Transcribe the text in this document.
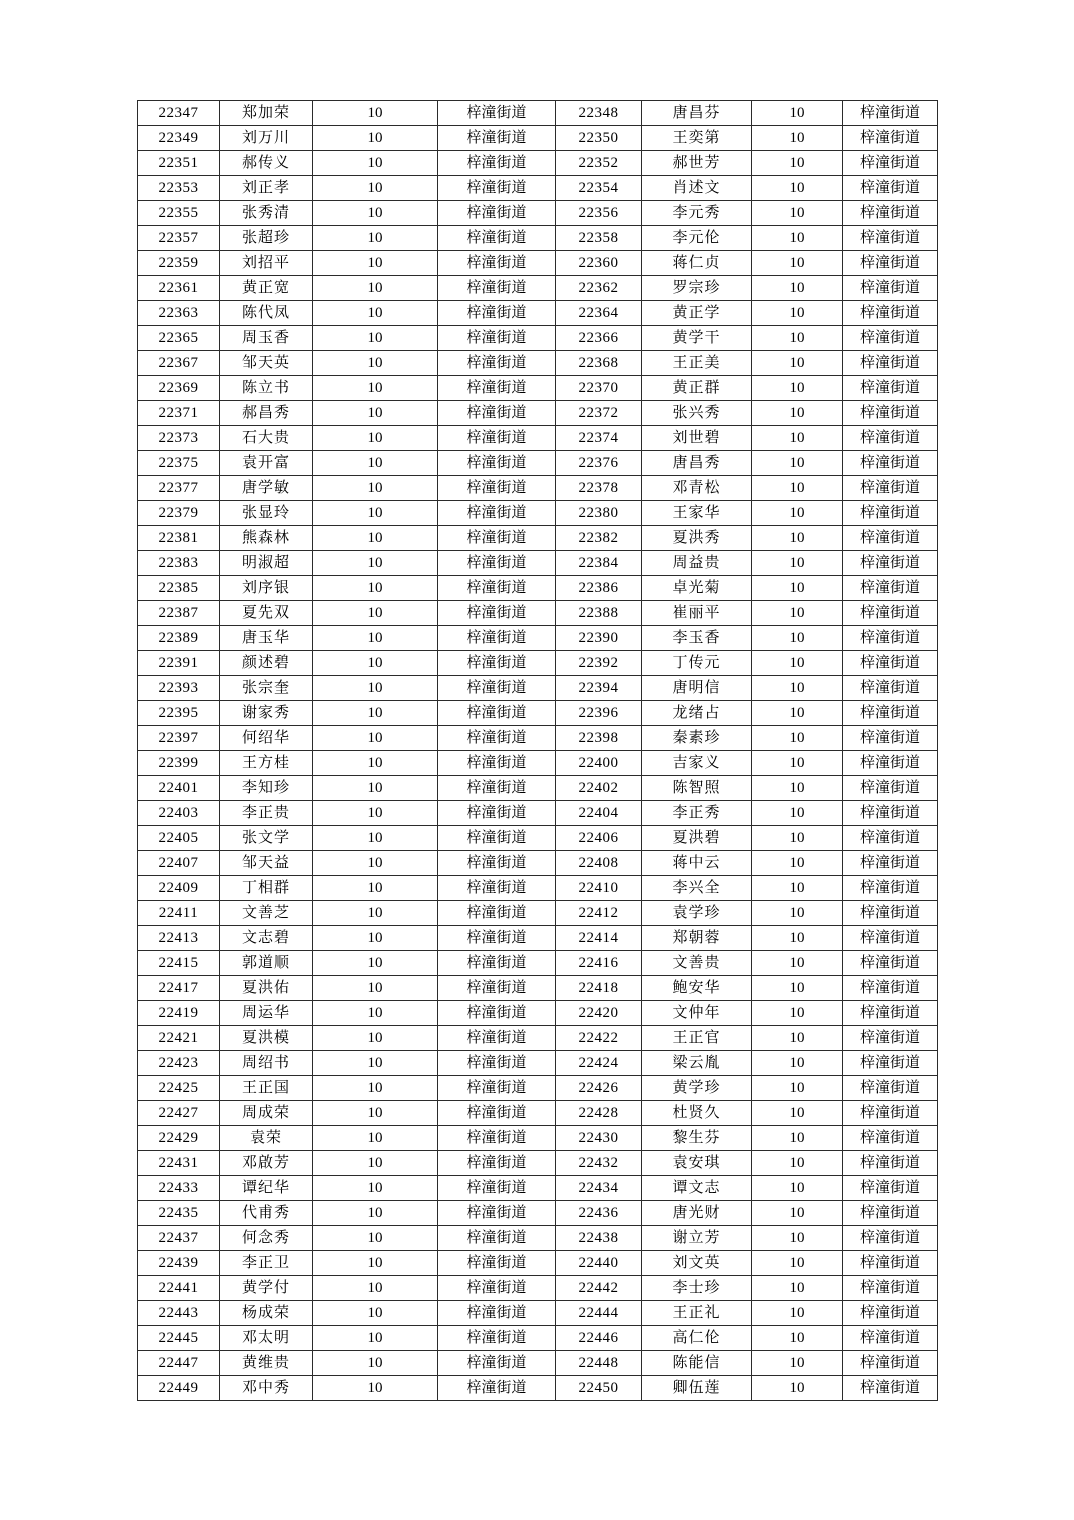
22347	郑加荣	10	梓潼街道	22348	唐昌芬	10	梓潼街道
22349	刘万川	10	梓潼街道	22350	王奕第	10	梓潼街道
22351	郝传义	10	梓潼街道	22352	郝世芳	10	梓潼街道
22353	刘正孝	10	梓潼街道	22354	肖述文	10	梓潼街道
22355	张秀清	10	梓潼街道	22356	李元秀	10	梓潼街道
22357	张超珍	10	梓潼街道	22358	李元伦	10	梓潼街道
22359	刘招平	10	梓潼街道	22360	蒋仁贞	10	梓潼街道
22361	黄正宽	10	梓潼街道	22362	罗宗珍	10	梓潼街道
22363	陈代凤	10	梓潼街道	22364	黄正学	10	梓潼街道
22365	周玉香	10	梓潼街道	22366	黄学干	10	梓潼街道
22367	邹天英	10	梓潼街道	22368	王正美	10	梓潼街道
22369	陈立书	10	梓潼街道	22370	黄正群	10	梓潼街道
22371	郝昌秀	10	梓潼街道	22372	张兴秀	10	梓潼街道
22373	石大贵	10	梓潼街道	22374	刘世碧	10	梓潼街道
22375	袁开富	10	梓潼街道	22376	唐昌秀	10	梓潼街道
22377	唐学敏	10	梓潼街道	22378	邓青松	10	梓潼街道
22379	张显玲	10	梓潼街道	22380	王家华	10	梓潼街道
22381	熊森林	10	梓潼街道	22382	夏洪秀	10	梓潼街道
22383	明淑超	10	梓潼街道	22384	周益贵	10	梓潼街道
22385	刘序银	10	梓潼街道	22386	卓光菊	10	梓潼街道
22387	夏先双	10	梓潼街道	22388	崔丽平	10	梓潼街道
22389	唐玉华	10	梓潼街道	22390	李玉香	10	梓潼街道
22391	颜述碧	10	梓潼街道	22392	丁传元	10	梓潼街道
22393	张宗奎	10	梓潼街道	22394	唐明信	10	梓潼街道
22395	谢家秀	10	梓潼街道	22396	龙绪占	10	梓潼街道
22397	何绍华	10	梓潼街道	22398	秦素珍	10	梓潼街道
22399	王方桂	10	梓潼街道	22400	吉家义	10	梓潼街道
22401	李知珍	10	梓潼街道	22402	陈智照	10	梓潼街道
22403	李正贵	10	梓潼街道	22404	李正秀	10	梓潼街道
22405	张文学	10	梓潼街道	22406	夏洪碧	10	梓潼街道
22407	邹天益	10	梓潼街道	22408	蒋中云	10	梓潼街道
22409	丁相群	10	梓潼街道	22410	李兴全	10	梓潼街道
22411	文善芝	10	梓潼街道	22412	袁学珍	10	梓潼街道
22413	文志碧	10	梓潼街道	22414	郑朝蓉	10	梓潼街道
22415	郭道顺	10	梓潼街道	22416	文善贵	10	梓潼街道
22417	夏洪佑	10	梓潼街道	22418	鲍安华	10	梓潼街道
22419	周运华	10	梓潼街道	22420	文仲年	10	梓潼街道
22421	夏洪模	10	梓潼街道	22422	王正官	10	梓潼街道
22423	周绍书	10	梓潼街道	22424	梁云胤	10	梓潼街道
22425	王正国	10	梓潼街道	22426	黄学珍	10	梓潼街道
22427	周成荣	10	梓潼街道	22428	杜贤久	10	梓潼街道
22429	袁荣	10	梓潼街道	22430	黎生芬	10	梓潼街道
22431	邓啟芳	10	梓潼街道	22432	袁安琪	10	梓潼街道
22433	谭纪华	10	梓潼街道	22434	谭文志	10	梓潼街道
22435	代甫秀	10	梓潼街道	22436	唐光财	10	梓潼街道
22437	何念秀	10	梓潼街道	22438	谢立芳	10	梓潼街道
22439	李正卫	10	梓潼街道	22440	刘文英	10	梓潼街道
22441	黄学付	10	梓潼街道	22442	李士珍	10	梓潼街道
22443	杨成荣	10	梓潼街道	22444	王正礼	10	梓潼街道
22445	邓太明	10	梓潼街道	22446	高仁伦	10	梓潼街道
22447	黄维贵	10	梓潼街道	22448	陈能信	10	梓潼街道
22449	邓中秀	10	梓潼街道	22450	卿伍莲	10	梓潼街道
